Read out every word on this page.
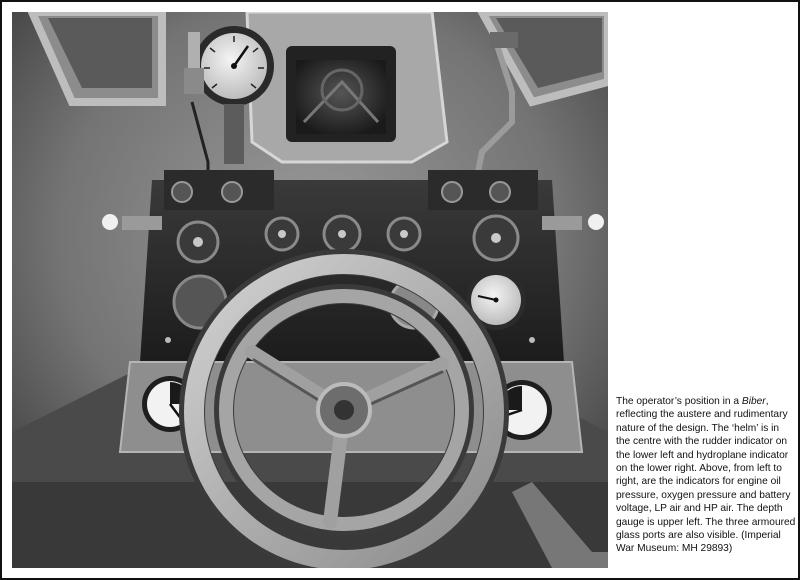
The operator’s position in a Biber, reflecting the austere and rudimentary nature of the design. The ‘helm’ is in the centre with the rudder indicator on the lower left and hydroplane indicator on the lower right. Above, from left to right, are the indicators for engine oil pressure, oxygen pressure and battery voltage, LP air and HP air. The depth gauge is upper left. The three armoured glass ports are also visible. (Imperial War Museum: MH 29893)
